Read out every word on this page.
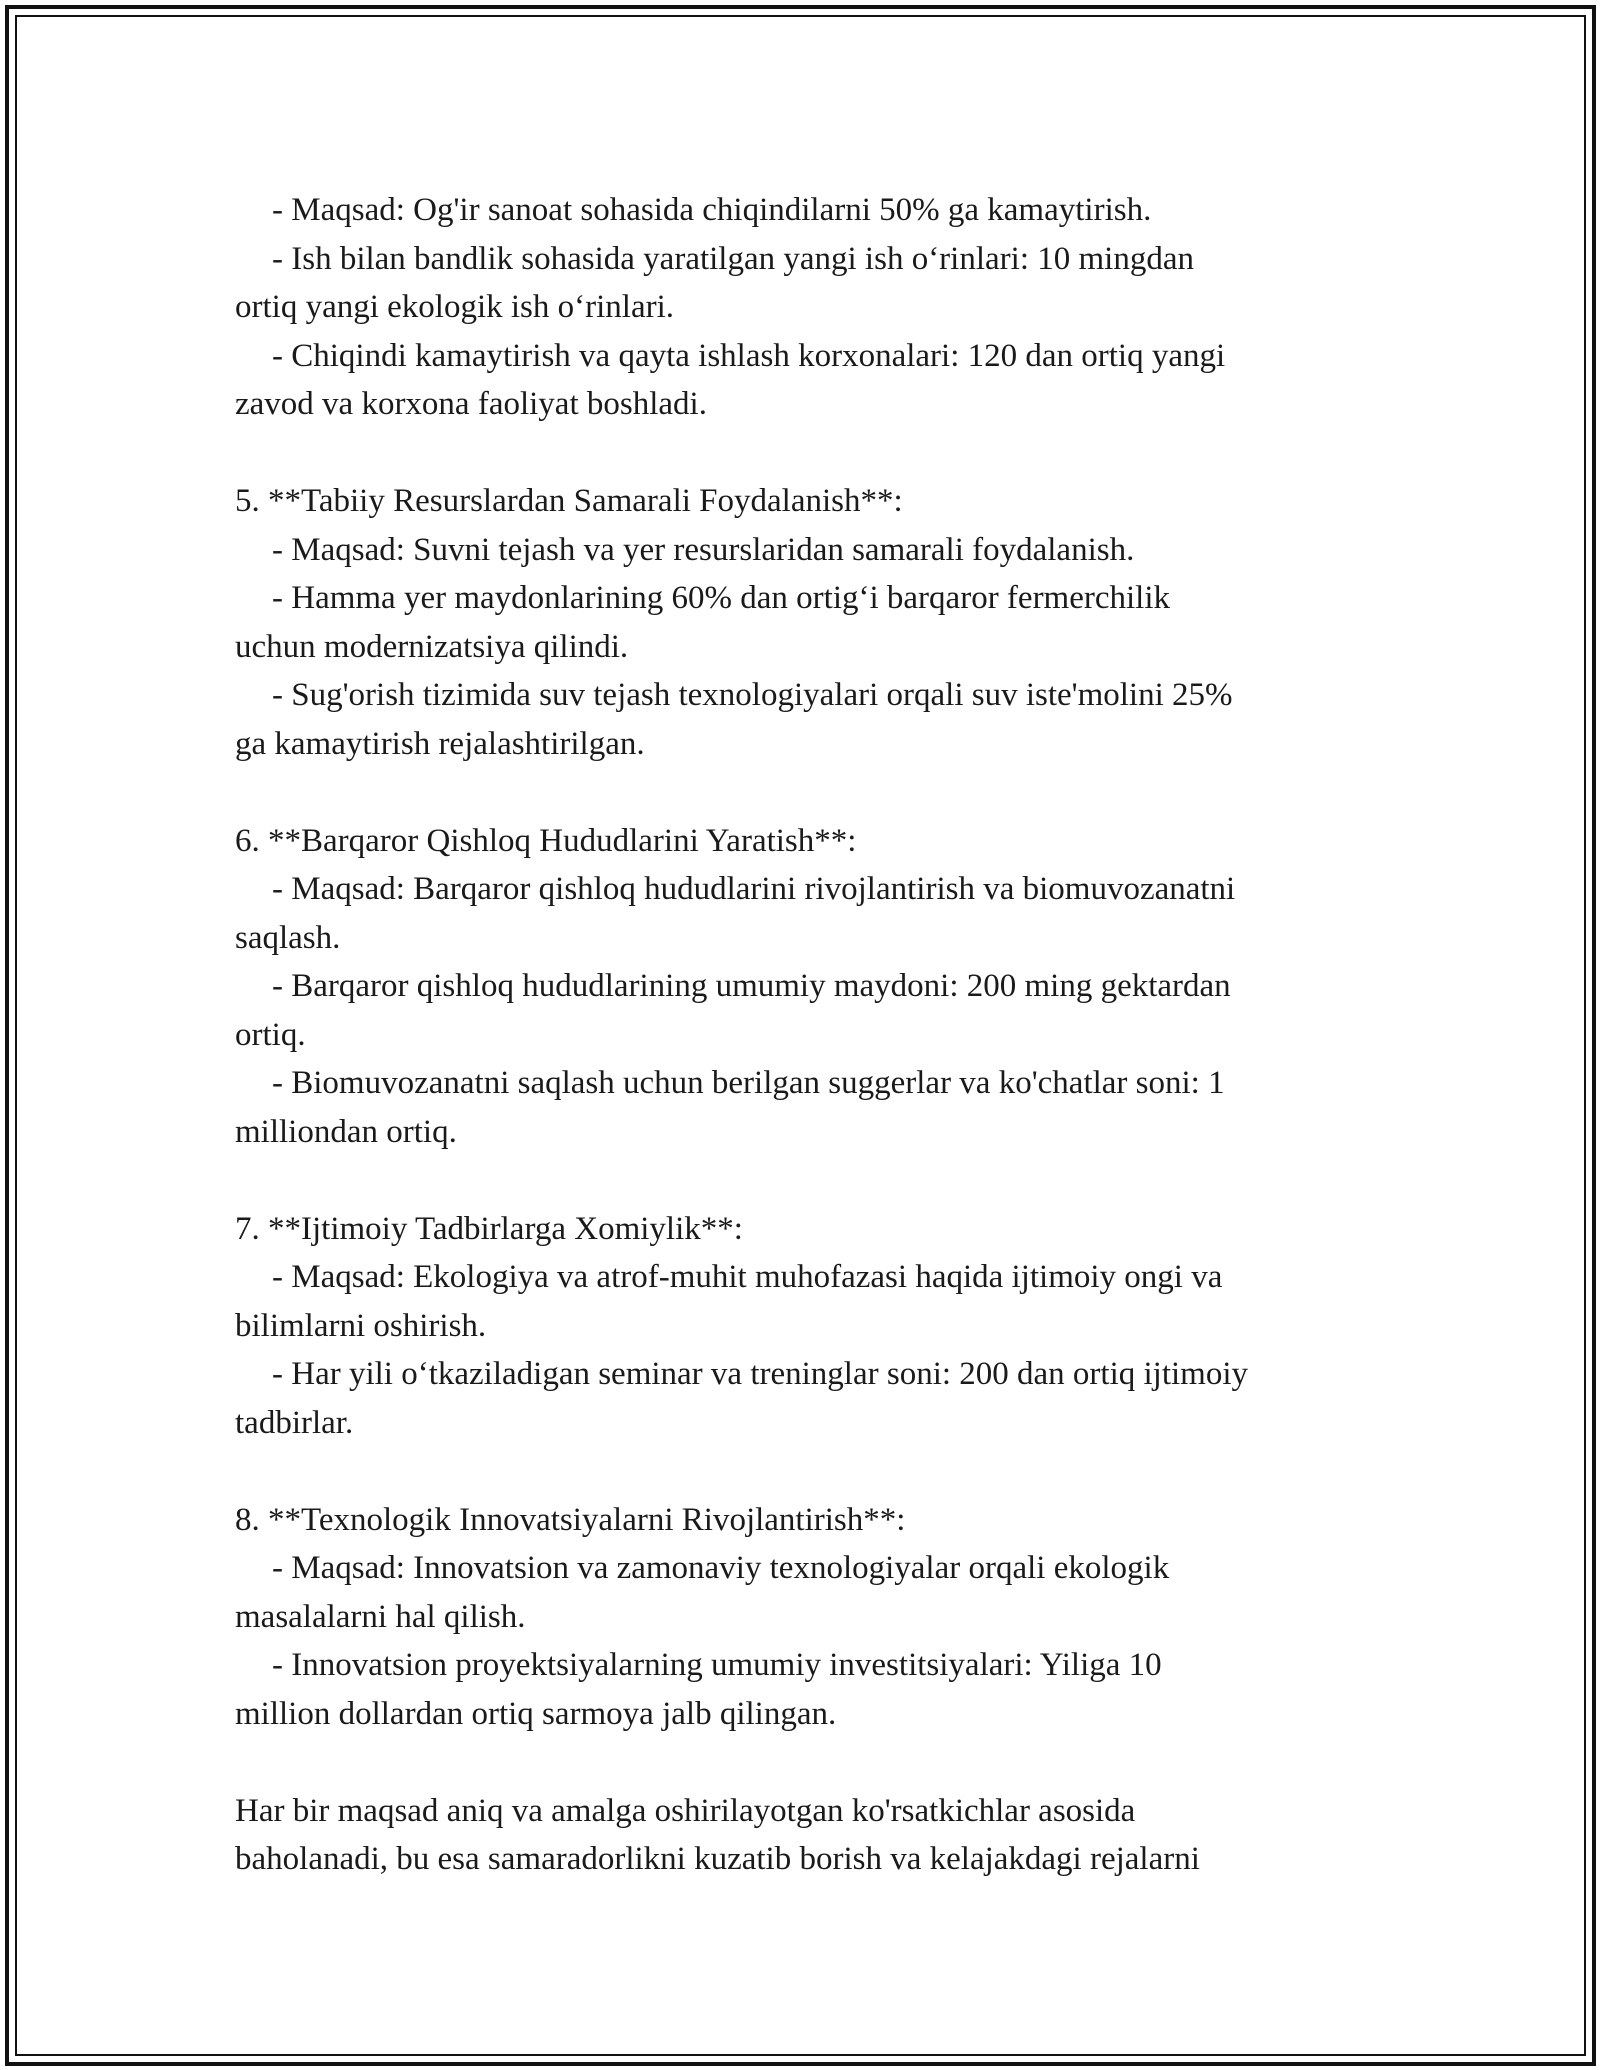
- Maqsad: Og'ir sanoat sohasida chiqindilarni 50% ga kamaytirish.
- Ish bilan bandlik sohasida yaratilgan yangi ish o‘rinlari: 10 mingdan
ortiq yangi ekologik ish o‘rinlari.
- Chiqindi kamaytirish va qayta ishlash korxonalari: 120 dan ortiq yangi
zavod va korxona faoliyat boshladi.
5. **Tabiiy Resurslardan Samarali Foydalanish**:
- Maqsad: Suvni tejash va yer resurslaridan samarali foydalanish.
- Hamma yer maydonlarining 60% dan ortig‘i barqaror fermerchilik
uchun modernizatsiya qilindi.
- Sug'orish tizimida suv tejash texnologiyalari orqali suv iste'molini 25%
ga kamaytirish rejalashtirilgan.
6. **Barqaror Qishloq Hududlarini Yaratish**:
- Maqsad: Barqaror qishloq hududlarini rivojlantirish va biomuvozanatni
saqlash.
- Barqaror qishloq hududlarining umumiy maydoni: 200 ming gektardan
ortiq.
- Biomuvozanatni saqlash uchun berilgan suggerlar va ko'chatlar soni: 1
milliondan ortiq.
7. **Ijtimoiy Tadbirlarga Xomiylik**:
- Maqsad: Ekologiya va atrof-muhit muhofazasi haqida ijtimoiy ongi va
bilimlarni oshirish.
- Har yili o‘tkaziladigan seminar va treninglar soni: 200 dan ortiq ijtimoiy
tadbirlar.
8. **Texnologik Innovatsiyalarni Rivojlantirish**:
- Maqsad: Innovatsion va zamonaviy texnologiyalar orqali ekologik
masalalarni hal qilish.
- Innovatsion proyektsiyalarning umumiy investitsiyalari: Yiliga 10
million dollardan ortiq sarmoya jalb qilingan.
Har bir maqsad aniq va amalga oshirilayotgan ko'rsatkichlar asosida
baholanadi, bu esa samaradorlikni kuzatib borish va kelajakdagi rejalarni
